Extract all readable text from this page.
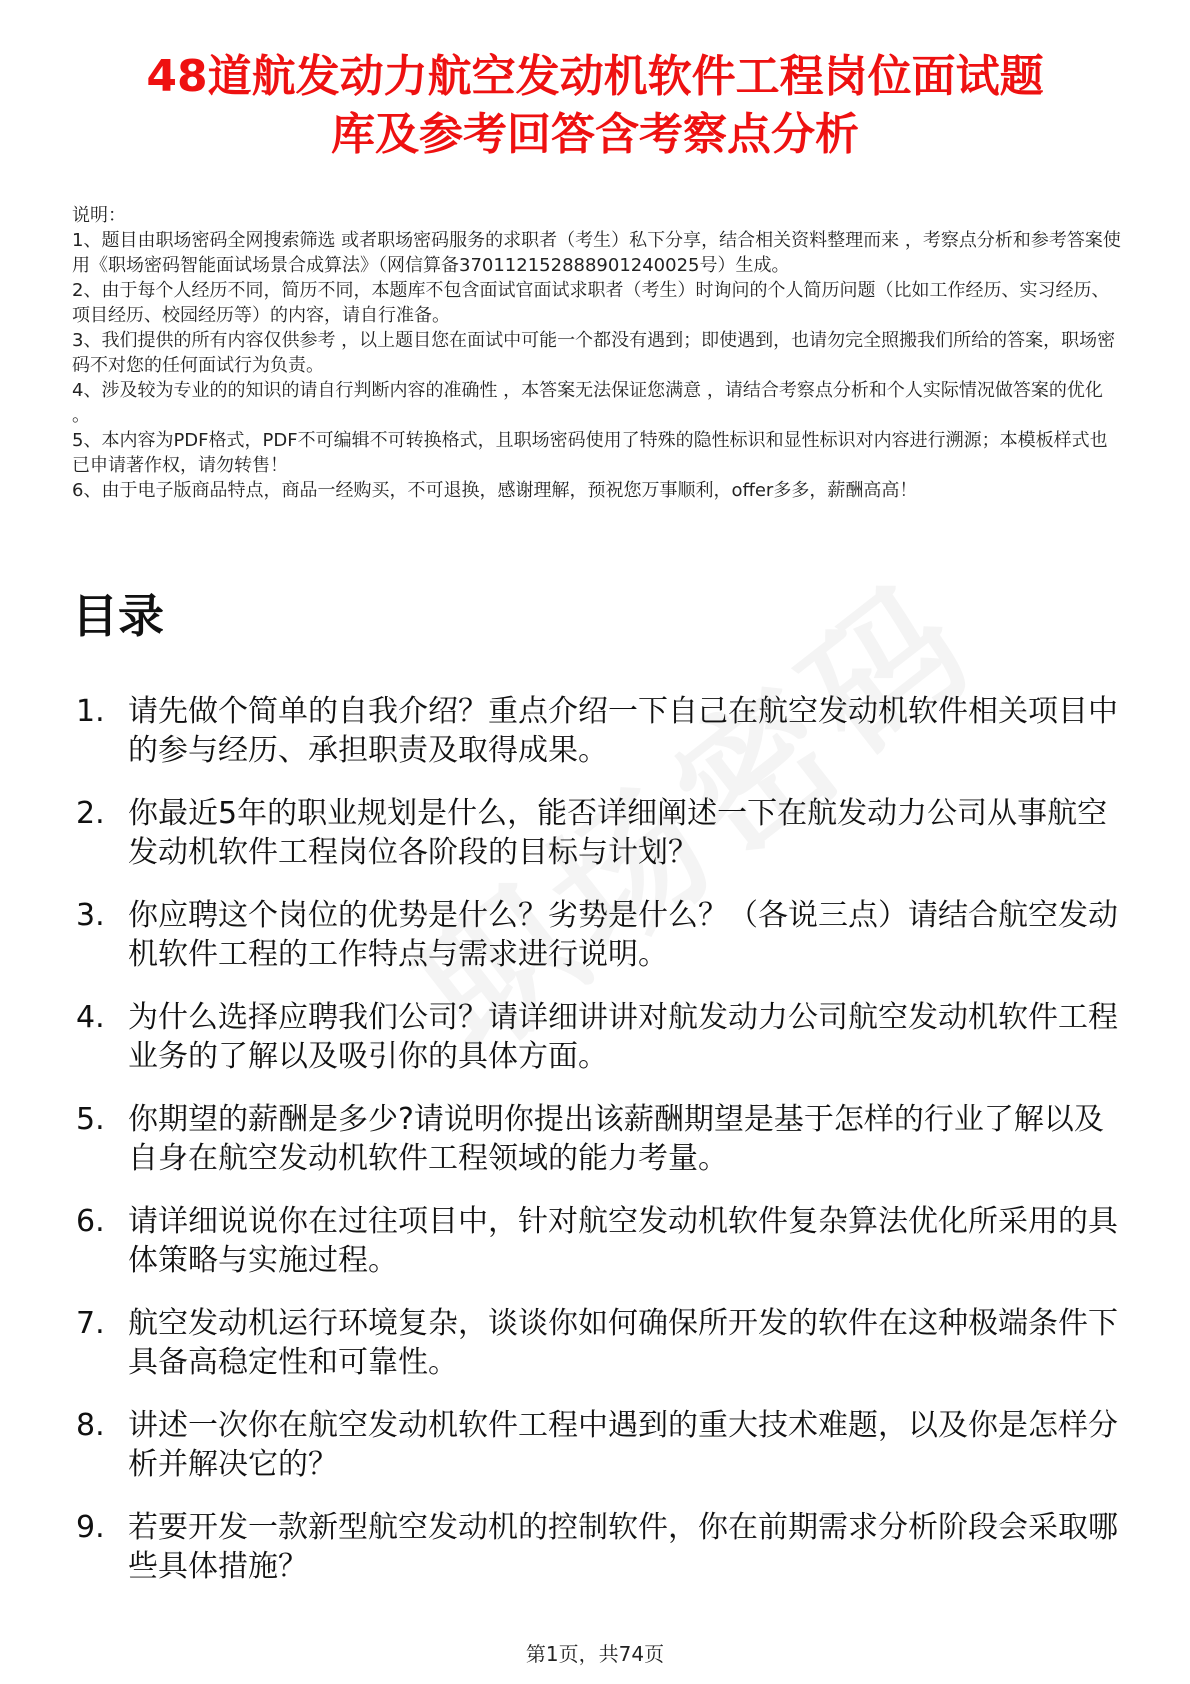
48道航发动力航空发动机软件工程岗位面试题
库及参考回答含考察点分析

说明：

1、题目由职场密码全网搜索筛选 或者职场密码服务的求职者（考生）私下分享，结合相关资料整理而来 ，考察点分析和参考答案使用《职场密码智能面试场景合成算法》（网信算备370112152888901240025号）生成。

2、由于每个人经历不同，简历不同，本题库不包含面试官面试求职者（考生）时询问的个人简历问题（比如工作经历、实习经历、项目经历、校园经历等）的内容，请自行准备。

3、我们提供的所有内容仅供参考 ，以上题目您在面试中可能一个都没有遇到；即使遇到，也请勿完全照搬我们所给的答案，职场密码不对您的任何面试行为负责。

4、涉及较为专业的的知识的请自行判断内容的准确性 ，本答案无法保证您满意 ，请结合考察点分析和个人实际情况做答案的优化 。

5、本内容为PDF格式，PDF不可编辑不可转换格式，且职场密码使用了特殊的隐性标识和显性标识对内容进行溯源；本模板样式也已申请著作权，请勿转售！

6、由于电子版商品特点，商品一经购买，不可退换，感谢理解，预祝您万事顺利，offer多多，薪酬高高！

目录
1. 请先做个简单的自我介绍？重点介绍一下自己在航空发动机软件相关项目中的参与经历、承担职责及取得成果。
2. 你最近5年的职业规划是什么，能否详细阐述一下在航发动力公司从事航空发动机软件工程岗位各阶段的目标与计划？
3. 你应聘这个岗位的优势是什么？劣势是什么？（各说三点）请结合航空发动机软件工程的工作特点与需求进行说明。
4. 为什么选择应聘我们公司？请详细讲讲对航发动力公司航空发动机软件工程业务的了解以及吸引你的具体方面。
5. 你期望的薪酬是多少?请说明你提出该薪酬期望是基于怎样的行业了解以及自身在航空发动机软件工程领域的能力考量。
6. 请详细说说你在过往项目中，针对航空发动机软件复杂算法优化所采用的具体策略与实施过程。
7. 航空发动机运行环境复杂，谈谈你如何确保所开发的软件在这种极端条件下具备高稳定性和可靠性。
8. 讲述一次你在航空发动机软件工程中遇到的重大技术难题，以及你是怎样分析并解决它的？
9. 若要开发一款新型航空发动机的控制软件，你在前期需求分析阶段会采取哪些具体措施？
第1页，共74页
